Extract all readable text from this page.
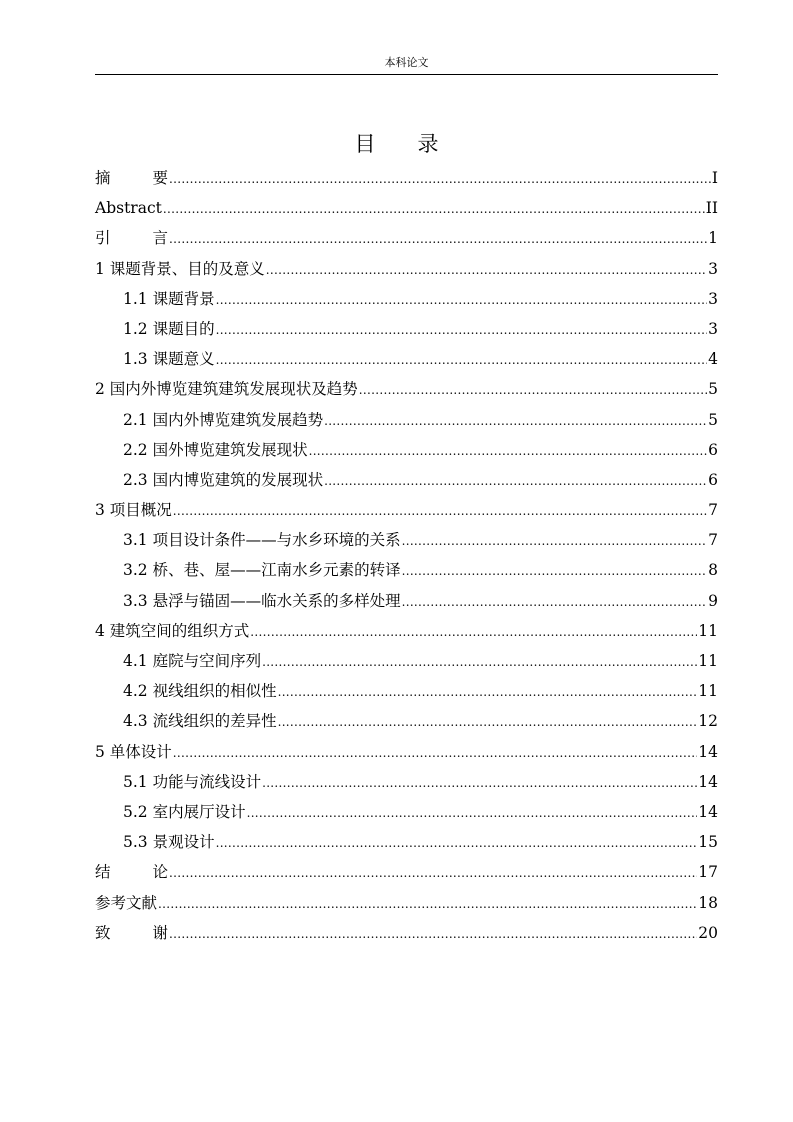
本科论文
目 录
摘	要 .....	I
Abstract .....	II
引	言 .....	1
1 课题背景、目的及意义 .....	3
1.1 课题背景 .....	3
1.2 课题目的 .....	3
1.3 课题意义 .....	4
2 国内外博览建筑建筑发展现状及趋势 .....	5
2.1 国内外博览建筑发展趋势 .....	5
2.2 国外博览建筑发展现状 .....	6
2.3 国内博览建筑的发展现状 .....	6
3 项目概况 .....	7
3.1 项目设计条件——与水乡环境的关系 .....	7
3.2 桥、巷、屋——江南水乡元素的转译 .....	8
3.3 悬浮与锚固——临水关系的多样处理 .....	9
4 建筑空间的组织方式 .....	11
4.1 庭院与空间序列 .....	11
4.2 视线组织的相似性 .....	11
4.3 流线组织的差异性 .....	12
5 单体设计 .....	14
5.1 功能与流线设计 .....	14
5.2 室内展厅设计 .....	14
5.3 景观设计 .....	15
结	论 .....	17
参考文献 .....	18
致	谢 .....	20
